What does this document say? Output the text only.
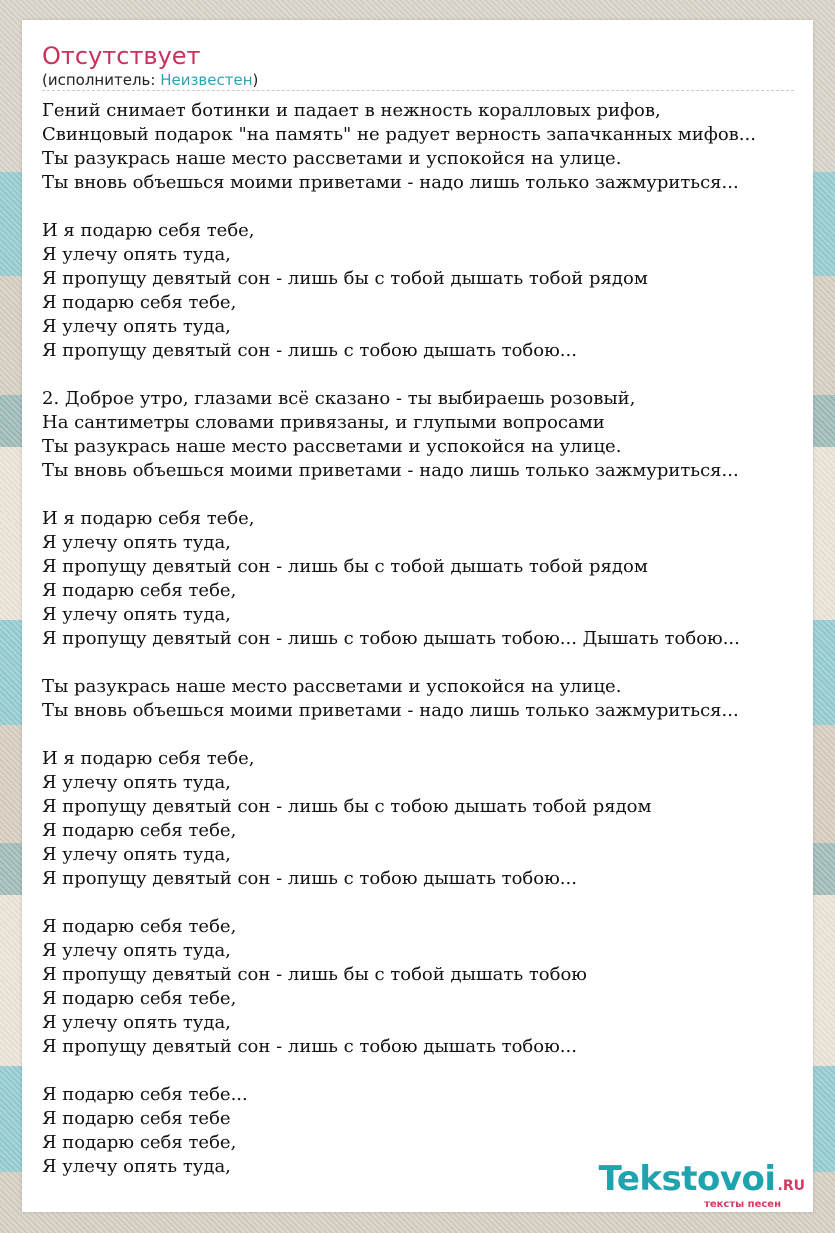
Отсутствует
(исполнитель: Неизвестен)
Гений снимает ботинки и падает в нежность коралловых рифов,
Свинцовый подарок "на память" не радует верность запачканных мифов...
Ты разукрась наше место рассветами и успокойся на улице.
Ты вновь объешься моими приветами - надо лишь только зажмуриться...
И я подарю себя тебе,
Я улечу опять туда,
Я пропущу девятый сон - лишь бы с тобой дышать тобой рядом
Я подарю себя тебе,
Я улечу опять туда,
Я пропущу девятый сон - лишь с тобою дышать тобою...
2. Доброе утро, глазами всё сказано - ты выбираешь розовый,
На сантиметры словами привязаны, и глупыми вопросами
Ты разукрась наше место рассветами и успокойся на улице.
Ты вновь объешься моими приветами - надо лишь только зажмуриться...
И я подарю себя тебе,
Я улечу опять туда,
Я пропущу девятый сон - лишь бы с тобой дышать тобой рядом
Я подарю себя тебе,
Я улечу опять туда,
Я пропущу девятый сон - лишь с тобою дышать тобою... Дышать тобою...
Ты разукрась наше место рассветами и успокойся на улице.
Ты вновь объешься моими приветами - надо лишь только зажмуриться...
И я подарю себя тебе,
Я улечу опять туда,
Я пропущу девятый сон - лишь бы с тобою дышать тобой рядом
Я подарю себя тебе,
Я улечу опять туда,
Я пропущу девятый сон - лишь с тобою дышать тобою...
Я подарю себя тебе,
Я улечу опять туда,
Я пропущу девятый сон - лишь бы с тобой дышать тобою
Я подарю себя тебе,
Я улечу опять туда,
Я пропущу девятый сон - лишь с тобою дышать тобою...
Я подарю себя тебе...
Я подарю себя тебе
Я подарю себя тебе,
Я улечу опять туда,	Tekstovoi .RU
тексты песен
